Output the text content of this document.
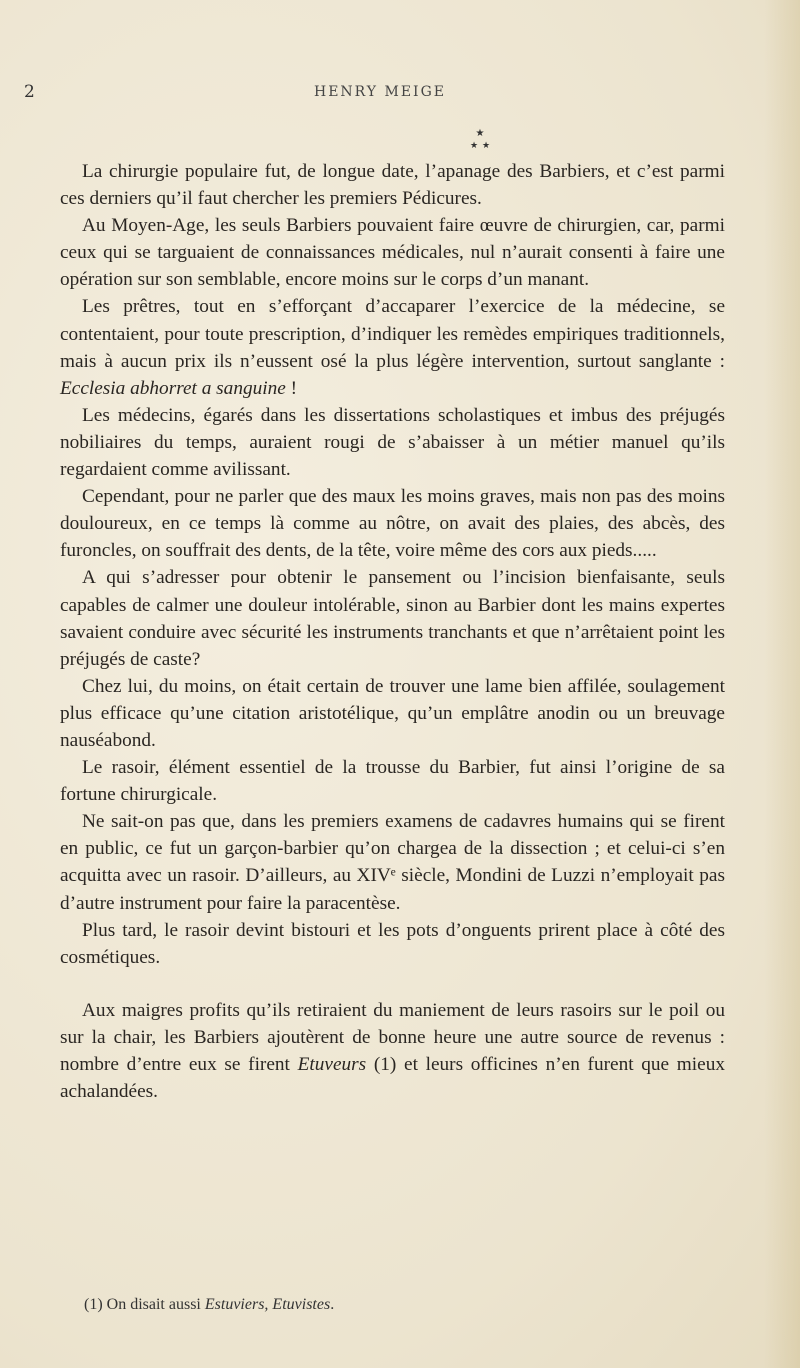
2	HENRY MEIGE
★
★ ★

La chirurgie populaire fut, de longue date, l’apanage des Barbiers, et c’est parmi ces derniers qu’il faut chercher les premiers Pédicures.

Au Moyen-Age, les seuls Barbiers pouvaient faire œuvre de chirurgien, car, parmi ceux qui se targuaient de connaissances médicales, nul n’aurait consenti à faire une opération sur son semblable, encore moins sur le corps d’un manant.

Les prêtres, tout en s’efforçant d’accaparer l’exercice de la médecine, se contentaient, pour toute prescription, d’indiquer les remèdes empiriques traditionnels, mais à aucun prix ils n’eussent osé la plus légère intervention, surtout sanglante : Ecclesia abhorret a sanguine !

Les médecins, égarés dans les dissertations scholastiques et imbus des préjugés nobiliaires du temps, auraient rougi de s’abaisser à un métier manuel qu’ils regardaient comme avilissant.

Cependant, pour ne parler que des maux les moins graves, mais non pas des moins douloureux, en ce temps là comme au nôtre, on avait des plaies, des abcès, des furoncles, on souffrait des dents, de la tête, voire même des cors aux pieds.....

A qui s’adresser pour obtenir le pansement ou l’incision bienfaisante, seuls capables de calmer une douleur intolérable, sinon au Barbier dont les mains expertes savaient conduire avec sécurité les instruments tranchants et que n’arrêtaient point les préjugés de caste?

Chez lui, du moins, on était certain de trouver une lame bien affilée, soulagement plus efficace qu’une citation aristotélique, qu’un emplâtre anodin ou un breuvage nauséabond.

Le rasoir, élément essentiel de la trousse du Barbier, fut ainsi l’origine de sa fortune chirurgicale.

Ne sait-on pas que, dans les premiers examens de cadavres humains qui se firent en public, ce fut un garçon-barbier qu’on chargea de la dissection ; et celui-ci s’en acquitta avec un rasoir. D’ailleurs, au XIVᵉ siècle, Mondini de Luzzi n’employait pas d’autre instrument pour faire la paracentèse.

Plus tard, le rasoir devint bistouri et les pots d’onguents prirent place à côté des cosmétiques.

Aux maigres profits qu’ils retiraient du maniement de leurs rasoirs sur le poil ou sur la chair, les Barbiers ajoutèrent de bonne heure une autre source de revenus : nombre d’entre eux se firent Etuveurs (1) et leurs officines n’en furent que mieux achalandées.

(1) On disait aussi Estuviers, Etuvistes.
